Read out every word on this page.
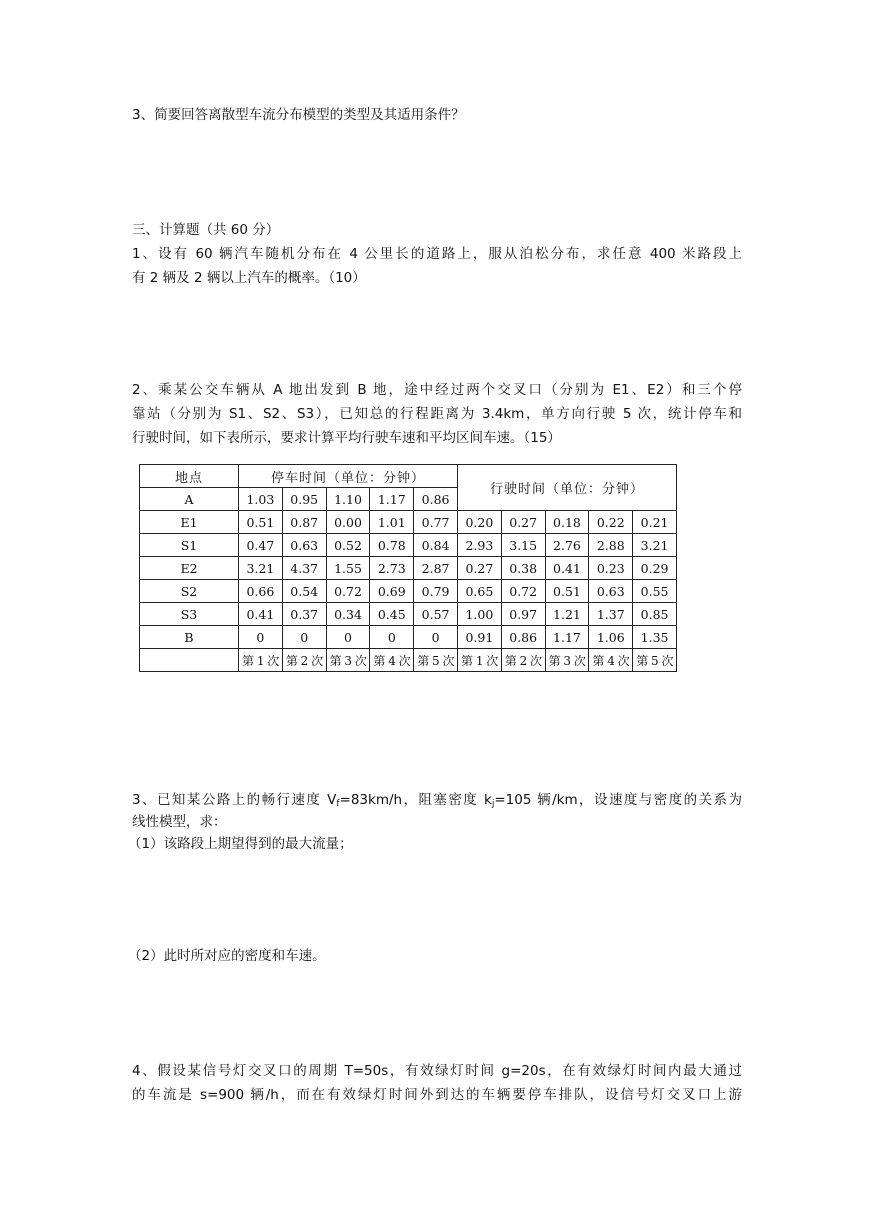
3、简要回答离散型车流分布模型的类型及其适用条件？
三、计算题（共 60 分）
1、设有 60 辆汽车随机分布在 4 公里长的道路上，服从泊松分布，求任意 400 米路段上
有 2 辆及 2 辆以上汽车的概率。（10）
2、乘某公交车辆从 A 地出发到 B 地，途中经过两个交叉口（分别为 E1、E2）和三个停
靠站（分别为 S1、S2、S3），已知总的行程距离为 3.4km，单方向行驶 5 次，统计停车和
行驶时间，如下表所示，要求计算平均行驶车速和平均区间车速。（15）
地点	停车时间（单位：分钟）					行驶时间（单位：分钟）				
A	1.03	0.95	1.10	1.17	0.86					
E1	0.51	0.87	0.00	1.01	0.77	0.20	0.27	0.18	0.22	0.21
S1	0.47	0.63	0.52	0.78	0.84	2.93	3.15	2.76	2.88	3.21
E2	3.21	4.37	1.55	2.73	2.87	0.27	0.38	0.41	0.23	0.29
S2	0.66	0.54	0.72	0.69	0.79	0.65	0.72	0.51	0.63	0.55
S3	0.41	0.37	0.34	0.45	0.57	1.00	0.97	1.21	1.37	0.85
B	0	0	0	0	0	0.91	0.86	1.17	1.06	1.35
	第 1 次	第 2 次	第 3 次	第 4 次	第 5 次	第 1 次	第 2 次	第 3 次	第 4 次	第 5 次
3、已知某公路上的畅行速度 $V_f=83km/h$，阻塞密度 $k_j=105$ 辆/km，设速度与密度的关系为
线性模型，求：
（1）该路段上期望得到的最大流量；
（2）此时所对应的密度和车速。
4、假设某信号灯交叉口的周期 T=50s，有效绿灯时间 g=20s，在有效绿灯时间内最大通过
的车流是 s=900 辆/h，而在有效绿灯时间外到达的车辆要停车排队，设信号灯交叉口上游
